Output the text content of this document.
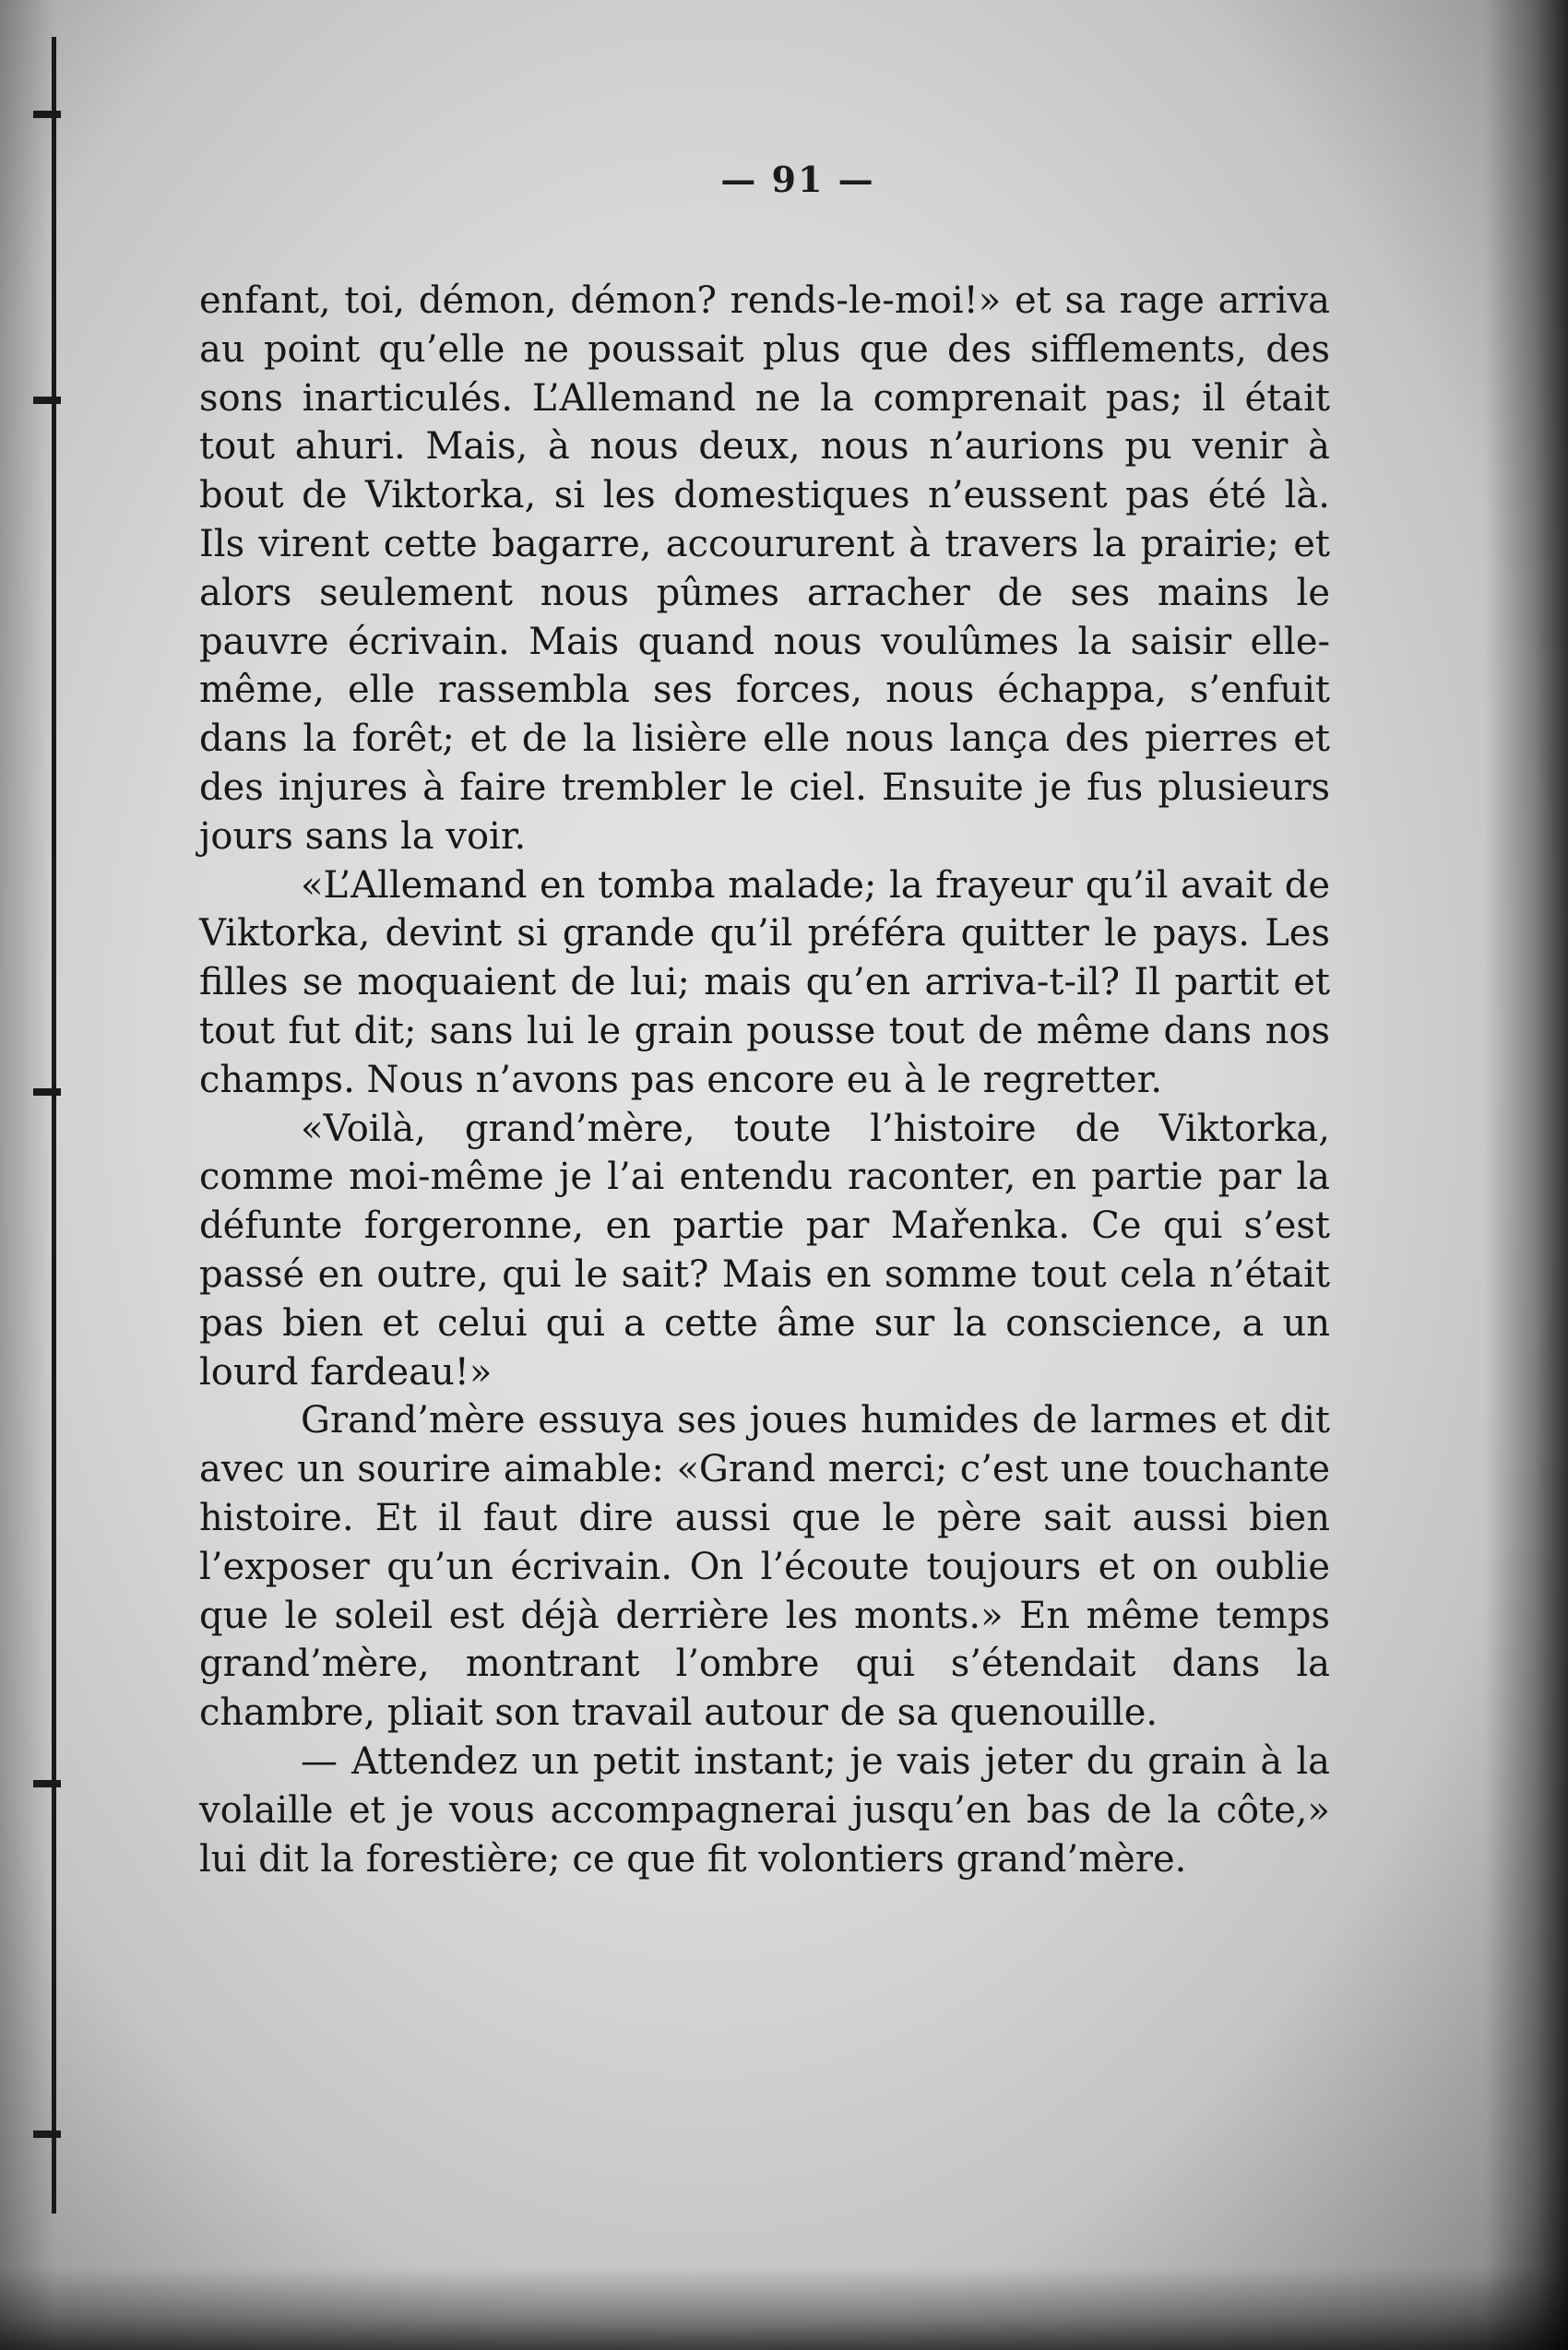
— 91 —

enfant, toi, démon, démon? rends-le-moi!» et sa rage arriva au point qu’elle ne poussait plus que des sifflements, des sons inarticulés. L’Allemand ne la comprenait pas; il était tout ahuri. Mais, à nous deux, nous n’aurions pu venir à bout de Viktorka, si les domestiques n’eussent pas été là. Ils virent cette bagarre, accoururent à travers la prairie; et alors seulement nous pûmes arracher de ses mains le pauvre écrivain. Mais quand nous voulûmes la saisir elle-même, elle rassembla ses forces, nous échappa, s’enfuit dans la forêt; et de la lisière elle nous lança des pierres et des injures à faire trembler le ciel. Ensuite je fus plusieurs jours sans la voir.

«L’Allemand en tomba malade; la frayeur qu’il avait de Viktorka, devint si grande qu’il préféra quitter le pays. Les filles se moquaient de lui; mais qu’en arriva-t-il? Il partit et tout fut dit; sans lui le grain pousse tout de même dans nos champs. Nous n’avons pas encore eu à le regretter.

«Voilà, grand’mère, toute l’histoire de Viktorka, comme moi-même je l’ai entendu raconter, en partie par la défunte forgeronne, en partie par Mařenka. Ce qui s’est passé en outre, qui le sait? Mais en somme tout cela n’était pas bien et celui qui a cette âme sur la conscience, a un lourd fardeau!»

Grand’mère essuya ses joues humides de larmes et dit avec un sourire aimable: «Grand merci; c’est une touchante histoire. Et il faut dire aussi que le père sait aussi bien l’exposer qu’un écrivain. On l’écoute toujours et on oublie que le soleil est déjà derrière les monts.» En même temps grand’mère, montrant l’ombre qui s’étendait dans la chambre, pliait son travail autour de sa quenouille.

— Attendez un petit instant; je vais jeter du grain à la volaille et je vous accompagnerai jusqu’en bas de la côte,» lui dit la forestière; ce que fit volontiers grand’mère.
